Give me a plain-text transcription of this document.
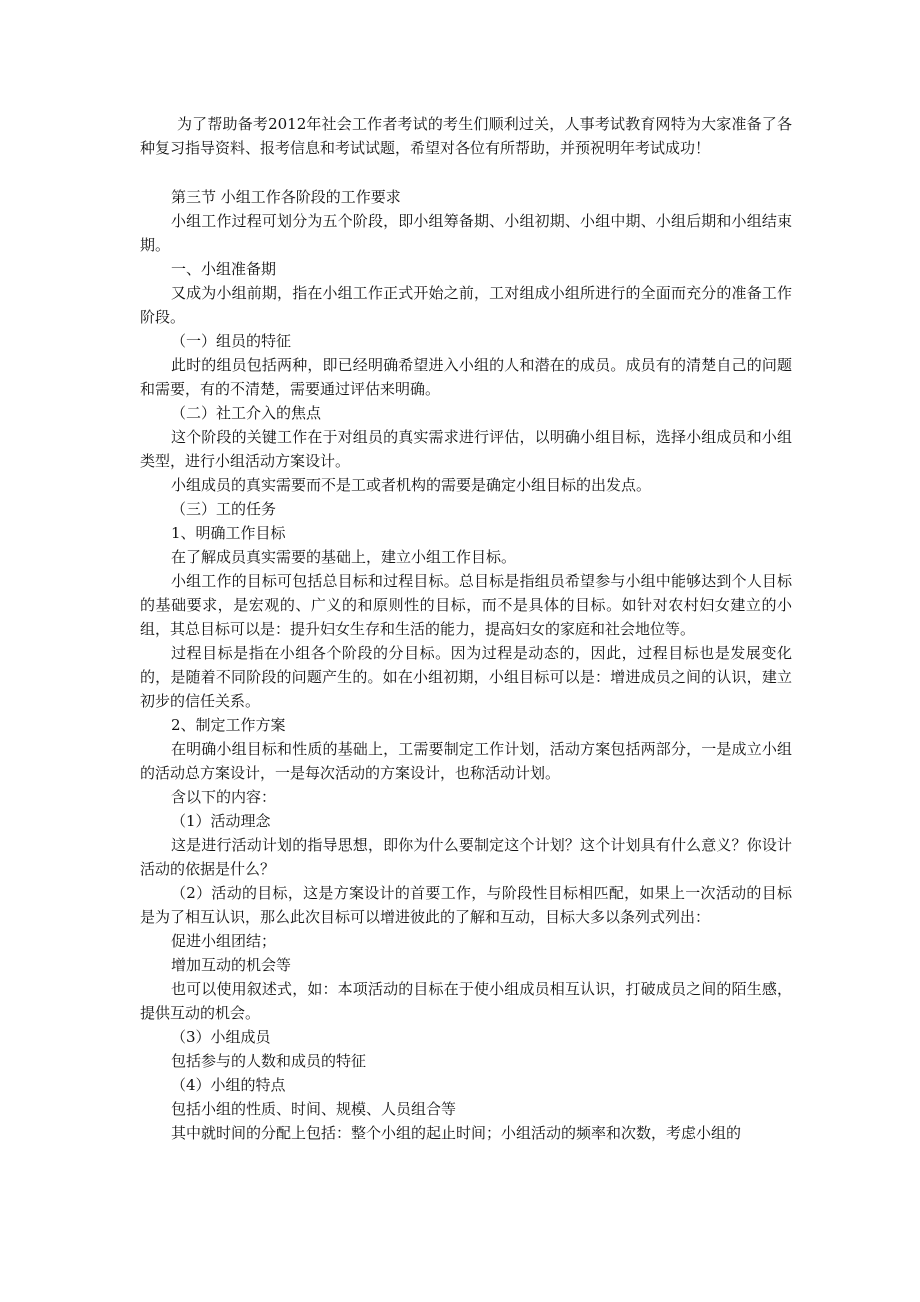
为了帮助备考2012年社会工作者考试的考生们顺利过关，人事考试教育网特为大家准备了各种复习指导资料、报考信息和考试试题，希望对各位有所帮助，并预祝明年考试成功！

第三节 小组工作各阶段的工作要求

小组工作过程可划分为五个阶段，即小组筹备期、小组初期、小组中期、小组后期和小组结束期。

一、小组准备期

又成为小组前期，指在小组工作正式开始之前，工对组成小组所进行的全面而充分的准备工作阶段。

（一）组员的特征

此时的组员包括两种，即已经明确希望进入小组的人和潜在的成员。成员有的清楚自己的问题和需要，有的不清楚，需要通过评估来明确。

（二）社工介入的焦点

这个阶段的关键工作在于对组员的真实需求进行评估，以明确小组目标，选择小组成员和小组类型，进行小组活动方案设计。

小组成员的真实需要而不是工或者机构的需要是确定小组目标的出发点。

（三）工的任务

1、明确工作目标

在了解成员真实需要的基础上，建立小组工作目标。

小组工作的目标可包括总目标和过程目标。总目标是指组员希望参与小组中能够达到个人目标的基础要求，是宏观的、广义的和原则性的目标，而不是具体的目标。如针对农村妇女建立的小组，其总目标可以是：提升妇女生存和生活的能力，提高妇女的家庭和社会地位等。

过程目标是指在小组各个阶段的分目标。因为过程是动态的，因此，过程目标也是发展变化的，是随着不同阶段的问题产生的。如在小组初期，小组目标可以是：增进成员之间的认识，建立初步的信任关系。

2、制定工作方案

在明确小组目标和性质的基础上，工需要制定工作计划，活动方案包括两部分，一是成立小组的活动总方案设计，一是每次活动的方案设计，也称活动计划。

含以下的内容：

（1）活动理念

这是进行活动计划的指导思想，即你为什么要制定这个计划？这个计划具有什么意义？你设计活动的依据是什么？

（2）活动的目标，这是方案设计的首要工作，与阶段性目标相匹配，如果上一次活动的目标是为了相互认识，那么此次目标可以增进彼此的了解和互动，目标大多以条列式列出：

促进小组团结；

增加互动的机会等

也可以使用叙述式，如：本项活动的目标在于使小组成员相互认识，打破成员之间的陌生感，提供互动的机会。

（3）小组成员

包括参与的人数和成员的特征

（4）小组的特点

包括小组的性质、时间、规模、人员组合等

其中就时间的分配上包括：整个小组的起止时间；小组活动的频率和次数，考虑小组的
